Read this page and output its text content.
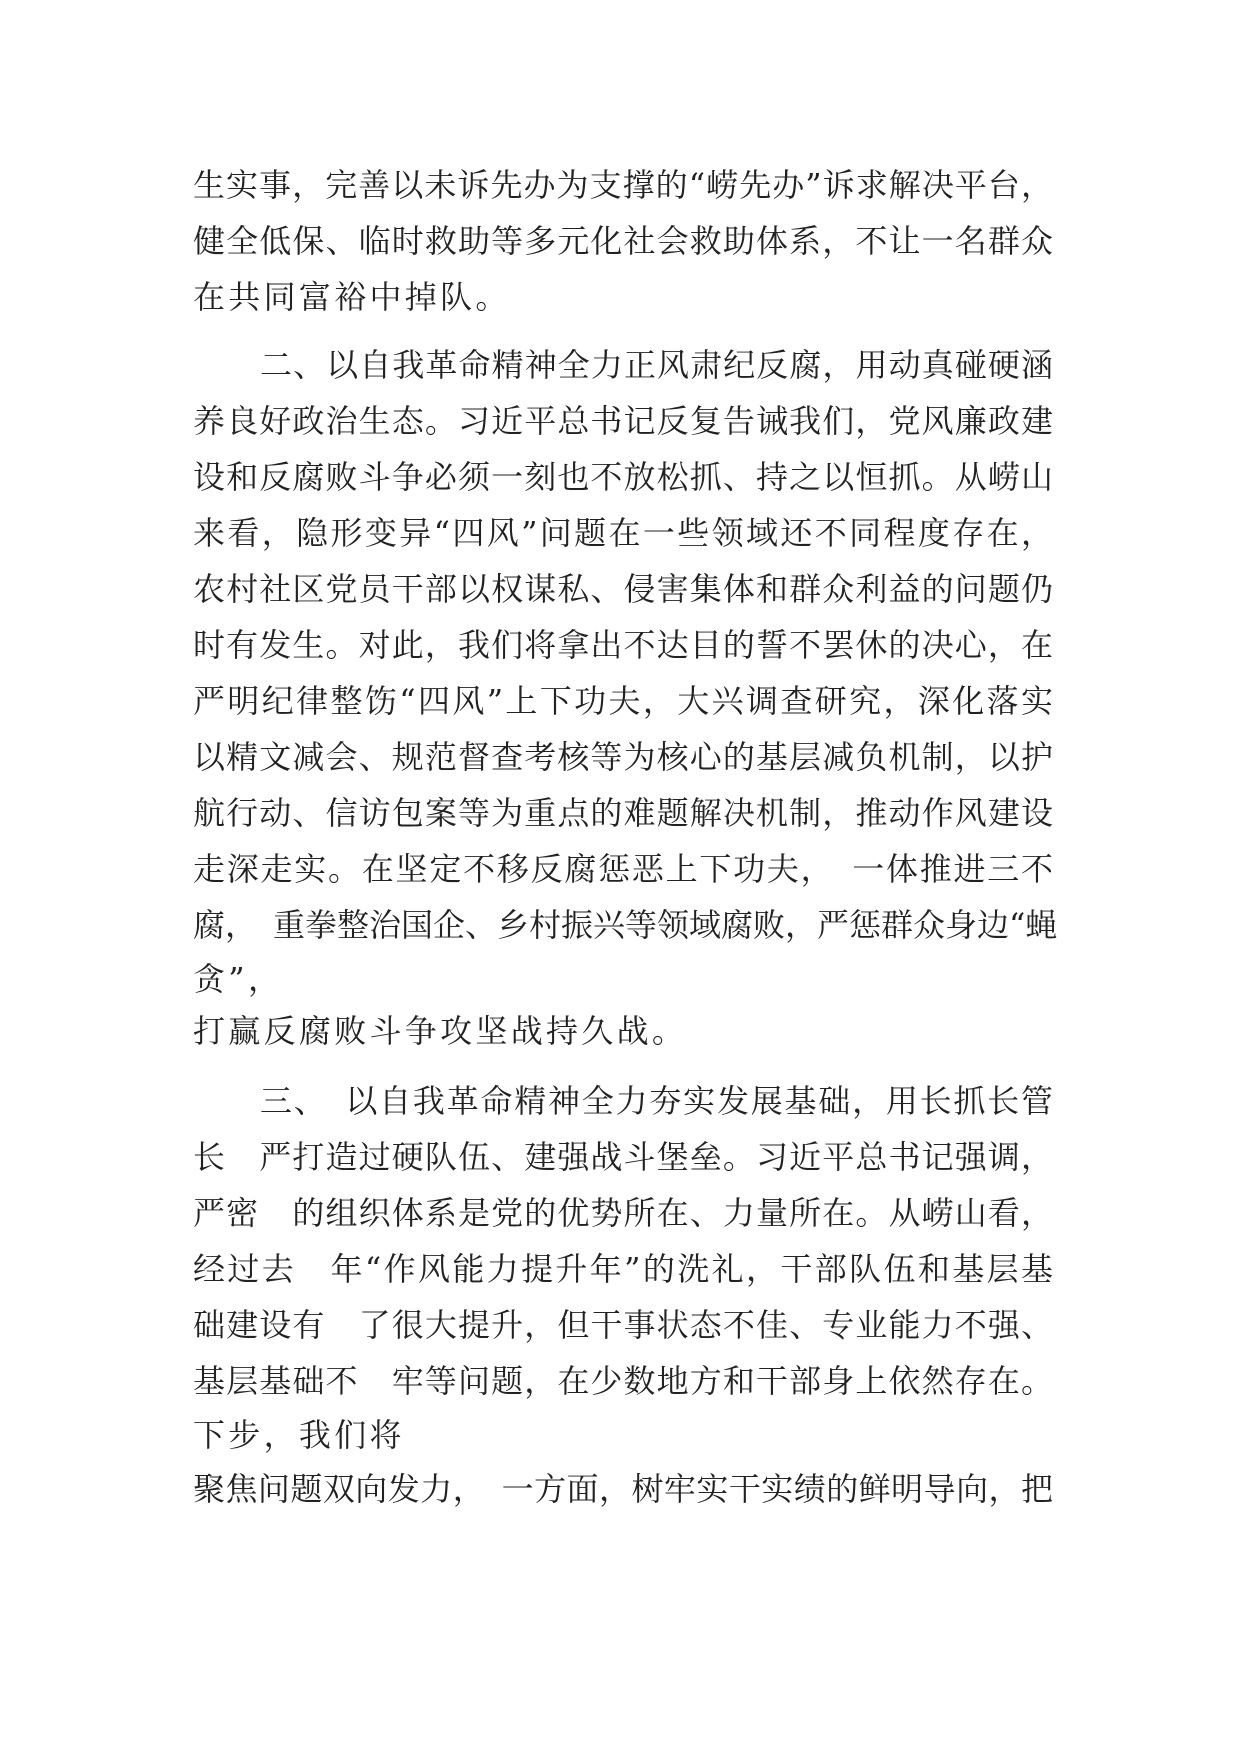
生实事，完善以未诉先办为支撑的“崂先办”诉求解决平台，
健全低保、临时救助等多元化社会救助体系，不让一名群众
在共同富裕中掉队。
二、以自我革命精神全力正风肃纪反腐，用动真碰硬涵
养良好政治生态。习近平总书记反复告诫我们，党风廉政建
设和反腐败斗争必须一刻也不放松抓、持之以恒抓。从崂山
来看，隐形变异“四风”问题在一些领域还不同程度存在，
农村社区党员干部以权谋私、侵害集体和群众利益的问题仍
时有发生。对此，我们将拿出不达目的誓不罢休的决心，在
严明纪律整饬“四风”上下功夫，大兴调查研究，深化落实
以精文减会、规范督查考核等为核心的基层减负机制，以护
航行动、信访包案等为重点的难题解决机制，推动作风建设
走深走实。在坚定不移反腐惩恶上下功夫，　一体推进三不
腐，　重拳整治国企、乡村振兴等领域腐败，严惩群众身边“蝇
贪”，
打赢反腐败斗争攻坚战持久战。
三、　以自我革命精神全力夯实发展基础，用长抓长管
长　严打造过硬队伍、建强战斗堡垒。习近平总书记强调，
严密　的组织体系是党的优势所在、力量所在。从崂山看，
经过去　年“作风能力提升年”的洗礼，干部队伍和基层基
础建设有　了很大提升，但干事状态不佳、专业能力不强、
基层基础不　牢等问题，在少数地方和干部身上依然存在。
下步，我们将
聚焦问题双向发力，　一方面，树牢实干实绩的鲜明导向，把
